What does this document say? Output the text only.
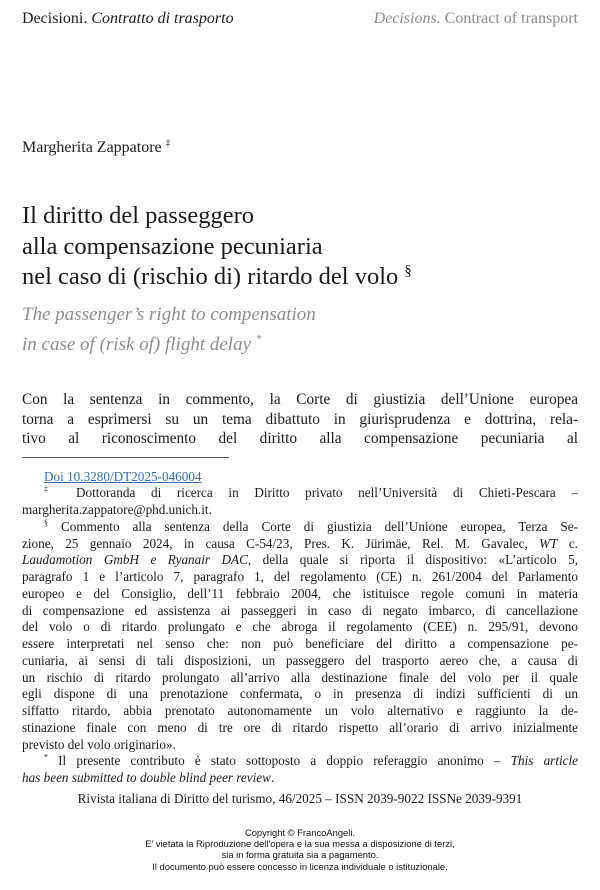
Decisioni. Contratto di trasporto	Decisions. Contract of transport
Margherita Zappatore ‡
Il diritto del passeggero
alla compensazione pecuniaria
nel caso di (rischio di) ritardo del volo §
The passenger’s right to compensation
in case of (risk of) flight delay *
Con la sentenza in commento, la Corte di giustizia dell’Unione europea
torna a esprimersi su un tema dibattuto in giurisprudenza e dottrina, rela-
tivo al riconoscimento del diritto alla compensazione pecuniaria al
Doi 10.3280/DT2025-046004
‡ Dottoranda di ricerca in Diritto privato nell’Università di Chieti-Pescara –
margherita.zappatore@phd.unich.it.
§ Commento alla sentenza della Corte di giustizia dell’Unione europea, Terza Se-
zione, 25 gennaio 2024, in causa C-54/23, Pres. K. Jürimäe, Rel. M. Gavalec, WT c.
Laudamotion GmbH e Ryanair DAC, della quale si riporta il dispositivo: «L’articolo 5,
paragrafo 1 e l’articolo 7, paragrafo 1, del regolamento (CE) n. 261/2004 del Parlamento
europeo e del Consiglio, dell’11 febbraio 2004, che istituisce regole comuni in materia
di compensazione ed assistenza ai passeggeri in caso di negato imbarco, di cancellazione
del volo o di ritardo prolungato e che abroga il regolamento (CEE) n. 295/91, devono
essere interpretati nel senso che: non può beneficiare del diritto a compensazione pe-
cuniaria, ai sensi di tali disposizioni, un passeggero del trasporto aereo che, a causa di
un rischio di ritardo prolungato all’arrivo alla destinazione finale del volo per il quale
egli dispone di una prenotazione confermata, o in presenza di indizi sufficienti di un
siffatto ritardo, abbia prenotato autonomamente un volo alternativo e raggiunto la de-
stinazione finale con meno di tre ore di ritardo rispetto all’orario di arrivo inizialmente
previsto del volo originario».
* Il presente contributo è stato sottoposto a doppio referaggio anonimo – This article
has been submitted to double blind peer review.
Rivista italiana di Diritto del turismo, 46/2025 – ISSN 2039-9022 ISSNe 2039-9391
Copyright © FrancoAngeli.
E' vietata la Riproduzione dell'opera e la sua messa a disposizione di terzi,
sia in forma gratuita sia a pagamento.
Il documento può essere concesso in licenza individuale o istituzionale.
